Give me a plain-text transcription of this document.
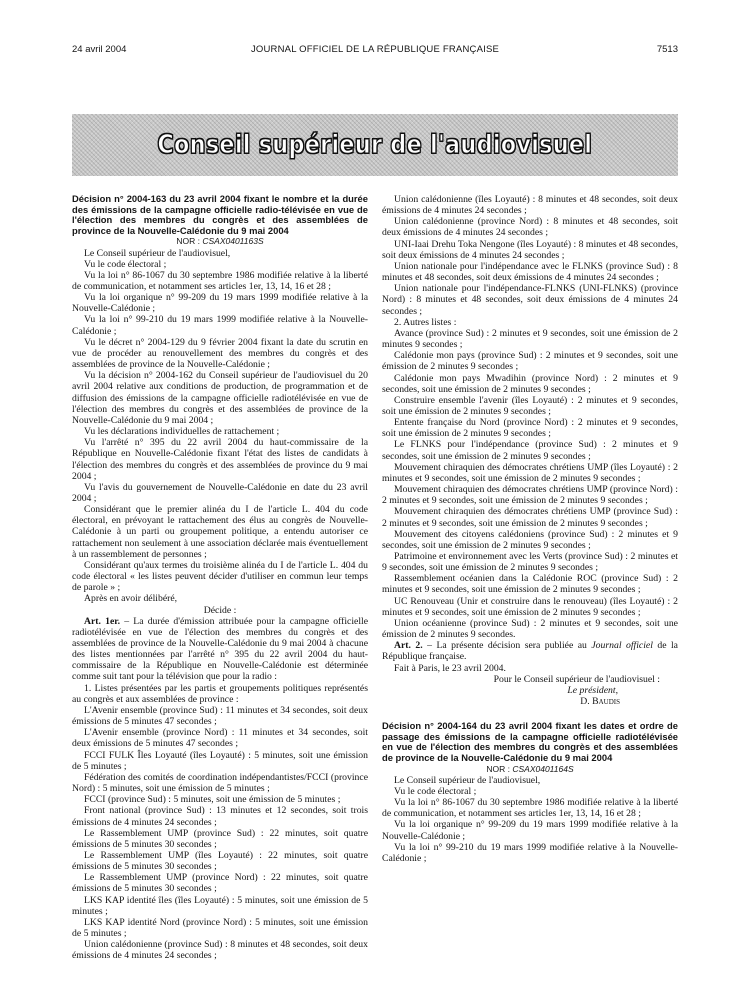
24 avril 2004	JOURNAL OFFICIEL DE LA RÉPUBLIQUE FRANÇAISE	7513
Conseil supérieur de l'audiovisuel

Décision n° 2004-163 du 23 avril 2004 fixant le nombre et la durée des émissions de la campagne officielle radio-télévisée en vue de l'élection des membres du congrès et des assemblées de province de la Nouvelle-Calédonie du 9 mai 2004

NOR : CSAX0401163S

Le Conseil supérieur de l'audiovisuel,

Vu le code électoral ;

Vu la loi n° 86-1067 du 30 septembre 1986 modifiée relative à la liberté de communication, et notamment ses articles 1er, 13, 14, 16 et 28 ;

Vu la loi organique n° 99-209 du 19 mars 1999 modifiée relative à la Nouvelle-Calédonie ;

Vu la loi n° 99-210 du 19 mars 1999 modifiée relative à la Nouvelle-Calédonie ;

Vu le décret n° 2004-129 du 9 février 2004 fixant la date du scrutin en vue de procéder au renouvellement des membres du congrès et des assemblées de province de la Nouvelle-Calédonie ;

Vu la décision n° 2004-162 du Conseil supérieur de l'audiovisuel du 20 avril 2004 relative aux conditions de production, de programmation et de diffusion des émissions de la campagne officielle radiotélévisée en vue de l'élection des membres du congrès et des assemblées de province de la Nouvelle-Calédonie du 9 mai 2004 ;

Vu les déclarations individuelles de rattachement ;

Vu l'arrêté n° 395 du 22 avril 2004 du haut-commissaire de la République en Nouvelle-Calédonie fixant l'état des listes de candidats à l'élection des membres du congrès et des assemblées de province du 9 mai 2004 ;

Vu l'avis du gouvernement de Nouvelle-Calédonie en date du 23 avril 2004 ;

Considérant que le premier alinéa du I de l'article L. 404 du code électoral, en prévoyant le rattachement des élus au congrès de Nouvelle-Calédonie à un parti ou groupement politique, a entendu autoriser ce rattachement non seulement à une association déclarée mais éventuellement à un rassemblement de personnes ;

Considérant qu'aux termes du troisième alinéa du I de l'article L. 404 du code électoral « les listes peuvent décider d'utiliser en commun leur temps de parole » ;

Après en avoir délibéré,

Décide :

Art. 1er. – La durée d'émission attribuée pour la campagne officielle radiotélévisée en vue de l'élection des membres du congrès et des assemblées de province de la Nouvelle-Calédonie du 9 mai 2004 à chacune des listes mentionnées par l'arrêté n° 395 du 22 avril 2004 du haut-commissaire de la République en Nouvelle-Calédonie est déterminée comme suit tant pour la télévision que pour la radio :

1. Listes présentées par les partis et groupements politiques représentés au congrès et aux assemblées de province :

L'Avenir ensemble (province Sud) : 11 minutes et 34 secondes, soit deux émissions de 5 minutes 47 secondes ;

L'Avenir ensemble (province Nord) : 11 minutes et 34 secondes, soit deux émissions de 5 minutes 47 secondes ;

FCCI FULK Îles Loyauté (îles Loyauté) : 5 minutes, soit une émission de 5 minutes ;

Fédération des comités de coordination indépendantistes/FCCI (province Nord) : 5 minutes, soit une émission de 5 minutes ;

FCCI (province Sud) : 5 minutes, soit une émission de 5 minutes ;

Front national (province Sud) : 13 minutes et 12 secondes, soit trois émissions de 4 minutes 24 secondes ;

Le Rassemblement UMP (province Sud) : 22 minutes, soit quatre émissions de 5 minutes 30 secondes ;

Le Rassemblement UMP (îles Loyauté) : 22 minutes, soit quatre émissions de 5 minutes 30 secondes ;

Le Rassemblement UMP (province Nord) : 22 minutes, soit quatre émissions de 5 minutes 30 secondes ;

LKS KAP identité îles (îles Loyauté) : 5 minutes, soit une émission de 5 minutes ;

LKS KAP identité Nord (province Nord) : 5 minutes, soit une émission de 5 minutes ;

Union calédonienne (province Sud) : 8 minutes et 48 secondes, soit deux émissions de 4 minutes 24 secondes ;

Union calédonienne (îles Loyauté) : 8 minutes et 48 secondes, soit deux émissions de 4 minutes 24 secondes ;

Union calédonienne (province Nord) : 8 minutes et 48 secondes, soit deux émissions de 4 minutes 24 secondes ;

UNI-Iaai Drehu Toka Nengone (îles Loyauté) : 8 minutes et 48 secondes, soit deux émissions de 4 minutes 24 secondes ;

Union nationale pour l'indépendance avec le FLNKS (province Sud) : 8 minutes et 48 secondes, soit deux émissions de 4 minutes 24 secondes ;

Union nationale pour l'indépendance-FLNKS (UNI-FLNKS) (province Nord) : 8 minutes et 48 secondes, soit deux émissions de 4 minutes 24 secondes ;

2. Autres listes :

Avance (province Sud) : 2 minutes et 9 secondes, soit une émission de 2 minutes 9 secondes ;

Calédonie mon pays (province Sud) : 2 minutes et 9 secondes, soit une émission de 2 minutes 9 secondes ;

Calédonie mon pays Mwadihin (province Nord) : 2 minutes et 9 secondes, soit une émission de 2 minutes 9 secondes ;

Construire ensemble l'avenir (îles Loyauté) : 2 minutes et 9 secondes, soit une émission de 2 minutes 9 secondes ;

Entente française du Nord (province Nord) : 2 minutes et 9 secondes, soit une émission de 2 minutes 9 secondes ;

Le FLNKS pour l'indépendance (province Sud) : 2 minutes et 9 secondes, soit une émission de 2 minutes 9 secondes ;

Mouvement chiraquien des démocrates chrétiens UMP (îles Loyauté) : 2 minutes et 9 secondes, soit une émission de 2 minutes 9 secondes ;

Mouvement chiraquien des démocrates chrétiens UMP (province Nord) : 2 minutes et 9 secondes, soit une émission de 2 minutes 9 secondes ;

Mouvement chiraquien des démocrates chrétiens UMP (province Sud) : 2 minutes et 9 secondes, soit une émission de 2 minutes 9 secondes ;

Mouvement des citoyens calédoniens (province Sud) : 2 minutes et 9 secondes, soit une émission de 2 minutes 9 secondes ;

Patrimoine et environnement avec les Verts (province Sud) : 2 minutes et 9 secondes, soit une émission de 2 minutes 9 secondes ;

Rassemblement océanien dans la Calédonie ROC (province Sud) : 2 minutes et 9 secondes, soit une émission de 2 minutes 9 secondes ;

UC Renouveau (Unir et construire dans le renouveau) (îles Loyauté) : 2 minutes et 9 secondes, soit une émission de 2 minutes 9 secondes ;

Union océanienne (province Sud) : 2 minutes et 9 secondes, soit une émission de 2 minutes 9 secondes.

Art. 2. – La présente décision sera publiée au Journal officiel de la République française.

Fait à Paris, le 23 avril 2004.

Pour le Conseil supérieur de l'audiovisuel :

Le président,

D. Baudis

Décision n° 2004-164 du 23 avril 2004 fixant les dates et ordre de passage des émissions de la campagne officielle radiotélévisée en vue de l'élection des membres du congrès et des assemblées de province de la Nouvelle-Calédonie du 9 mai 2004

NOR : CSAX0401164S

Le Conseil supérieur de l'audiovisuel,

Vu le code électoral ;

Vu la loi n° 86-1067 du 30 septembre 1986 modifiée relative à la liberté de communication, et notamment ses articles 1er, 13, 14, 16 et 28 ;

Vu la loi organique n° 99-209 du 19 mars 1999 modifiée relative à la Nouvelle-Calédonie ;

Vu la loi n° 99-210 du 19 mars 1999 modifiée relative à la Nouvelle-Calédonie ;
